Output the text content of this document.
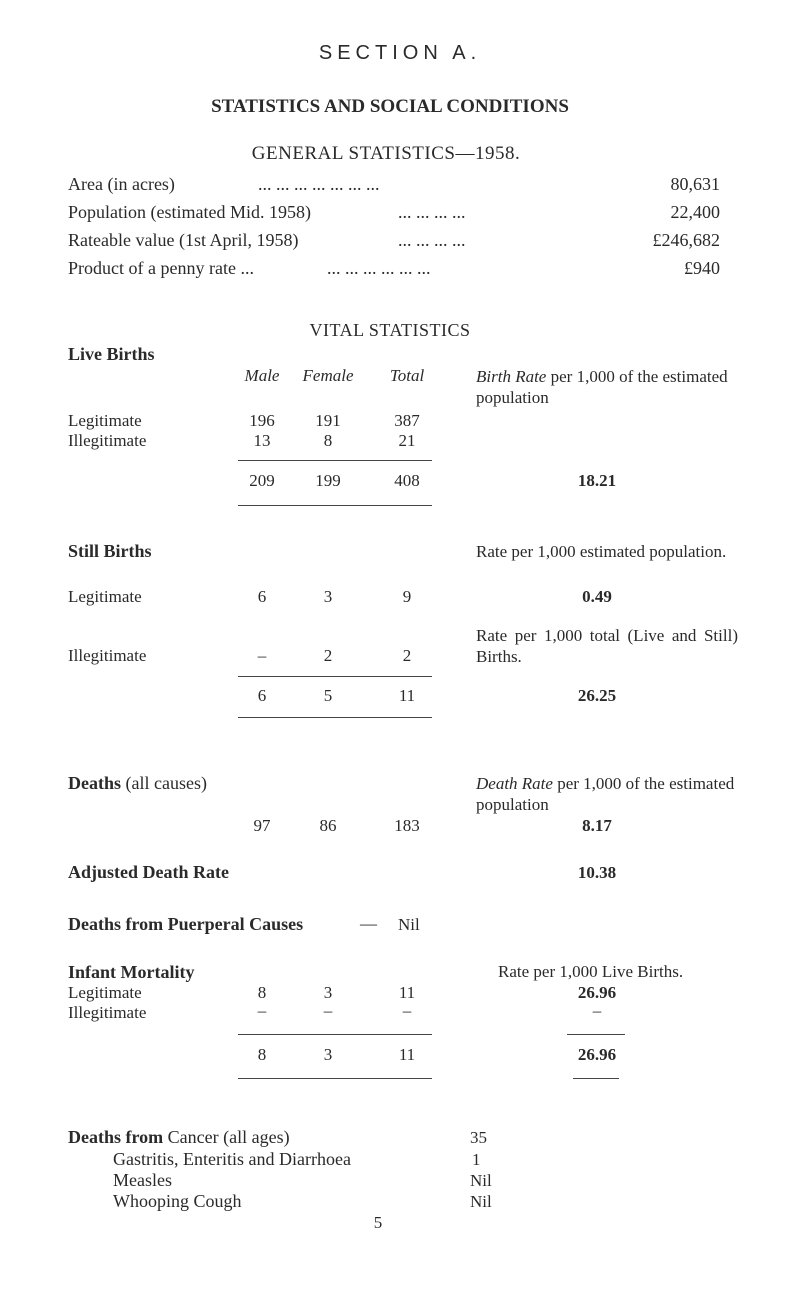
SECTION A.
STATISTICS AND SOCIAL CONDITIONS
GENERAL STATISTICS—1958.
Area (in acres)	... ... ... ... ... ... ...	80,631
Population (estimated Mid. 1958)	... ... ... ...	22,400
Rateable value (1st April, 1958)	... ... ... ...	£246,682
Product of a penny rate ...	... ... ... ... ... ...	£940
VITAL STATISTICS
Live Births
Male Female Total	Birth Rate per 1,000 of the estimated population
Legitimate	196 191	387
Illegitimate	13	8	21
209 199	408	18.21
Still Births	Rate per 1,000 estimated population.
Legitimate	6	3	9	0.49
Rate per 1,000 total (Live and Still) Births.
Illegitimate	–	2	2
6	5	11	26.25
Deaths (all causes)	Death Rate per 1,000 of the estimated population
97	86	183	8.17
Adjusted Death Rate	10.38
Deaths from Puerperal Causes	— Nil
Infant Mortality	Rate per 1,000 Live Births.
Legitimate	8	3	11	26.96
Illegitimate	–	–	–	–
8	3	11	26.96
Deaths from Cancer (all ages)	35
Gastritis, Enteritis and Diarrhoea	1
Measles	Nil
Whooping Cough	Nil
5
